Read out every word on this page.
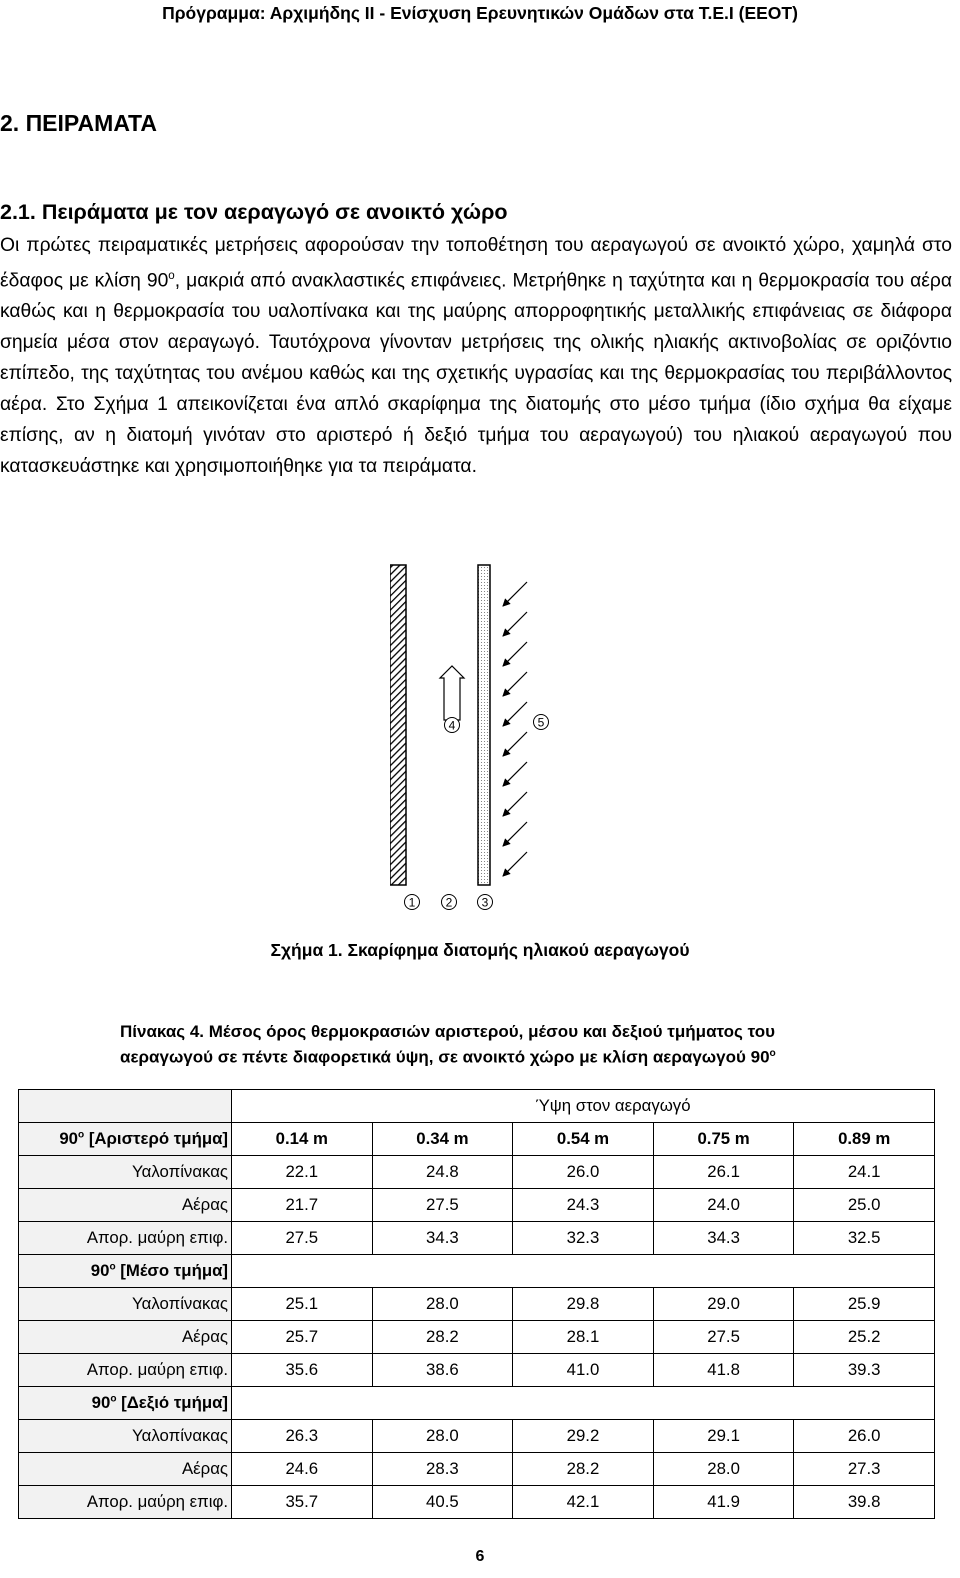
Πρόγραμμα: Αρχιμήδης ΙΙ - Ενίσχυση Ερευνητικών Ομάδων στα Τ.Ε.Ι (ΕΕΟΤ)
2. ΠΕΙΡΑΜΑΤΑ
2.1. Πειράματα με τον αεραγωγό σε ανοικτό χώρο

Οι πρώτες πειραματικές μετρήσεις αφορούσαν την τοποθέτηση του αεραγωγού σε ανοικτό χώρο, χαμηλά στο έδαφος με κλίση $90^o$, μακριά από ανακλαστικές επιφάνειες. Μετρήθηκε η ταχύτητα και η θερμοκρασία του αέρα καθώς και η θερμοκρασία του υαλοπίνακα και της μαύρης απορροφητικής μεταλλικής επιφάνειας σε διάφορα σημεία μέσα στον αεραγωγό. Ταυτόχρονα γίνονταν μετρήσεις της ολικής ηλιακής ακτινοβολίας σε οριζόντιο επίπεδο, της ταχύτητας του ανέμου καθώς και της σχετικής υγρασίας και της θερμοκρασίας του περιβάλλοντος αέρα. Στο Σχήμα 1 απεικονίζεται ένα απλό σκαρίφημα της διατομής στο μέσο τμήμα (ίδιο σχήμα θα είχαμε επίσης, αν η διατομή γινόταν στο αριστερό ή δεξιό τμήμα του αεραγωγού) του ηλιακού αεραγωγού που κατασκευάστηκε και χρησιμοποιήθηκε για τα πειράματα.

4	5
1	2 3
Σχήμα 1. Σκαρίφημα διατομής ηλιακού αεραγωγού
Πίνακας 4. Μέσος όρος θερμοκρασιών αριστερού, μέσου και δεξιού τμήματος του αεραγωγού σε πέντε διαφορετικά ύψη, σε ανοικτό χώρο με κλίση αεραγωγού $90^o$
	Ύψη στον αεραγωγό				
$90^o$ [Αριστερό τμήμα]	0.14 m	0.34 m	0.54 m	0.75 m	0.89 m
Υαλοπίνακας	22.1	24.8	26.0	26.1	24.1
Αέρας	21.7	27.5	24.3	24.0	25.0
Απορ. μαύρη επιφ.	27.5	34.3	32.3	34.3	32.5
$90^o$ [Μέσο τμήμα]					
Υαλοπίνακας	25.1	28.0	29.8	29.0	25.9
Αέρας	25.7	28.2	28.1	27.5	25.2
Απορ. μαύρη επιφ.	35.6	38.6	41.0	41.8	39.3
$90^o$ [Δεξιό τμήμα]					
Υαλοπίνακας	26.3	28.0	29.2	29.1	26.0
Αέρας	24.6	28.3	28.2	28.0	27.3
Απορ. μαύρη επιφ.	35.7	40.5	42.1	41.9	39.8
6
